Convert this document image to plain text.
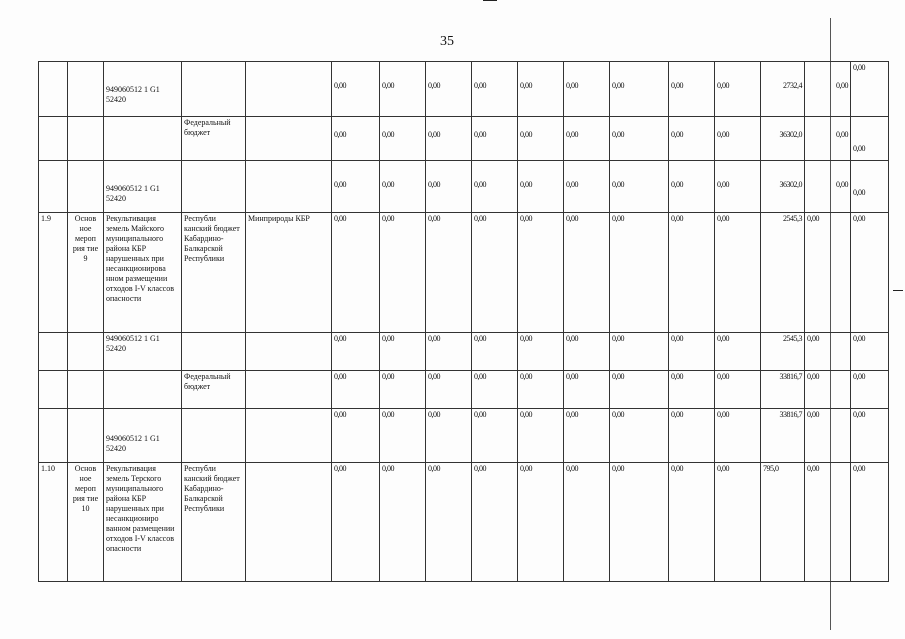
35

		949060512 1 G1 52420			0,00	0,00	0,00	0,00	0,00	0,00	0,00	0,00	0,00	2732,4	0,00	0,00
			Федеральный бюджет		0,00	0,00	0,00	0,00	0,00	0,00	0,00	0,00	0,00	36302,0	0,00	0,00

		949060512 1 G1 52420			0,00	0,00	0,00	0,00	0,00	0,00	0,00	0,00	0,00	36302,0	0,00	0,00

1.9	Основ ное мероп рия тие 9	Рекультивация земель Майского муниципального района КБР нарушенных при несанкционирова нном размещении отходов I-V классов опасности	Республи канский бюджет Кабардино-Балкарской Республики	Минприроды КБР	0,00	0,00	0,00	0,00	0,00	0,00	0,00	0,00	0,00	2545,3	0,00	0,00
		949060512 1 G1 52420			0,00	0,00	0,00	0,00	0,00	0,00	0,00	0,00	0,00	2545,3	0,00	0,00
			Федеральный бюджет		0,00	0,00	0,00	0,00	0,00	0,00	0,00	0,00	0,00	33816,7	0,00	0,00

		949060512 1 G1 52420			0,00	0,00	0,00	0,00	0,00	0,00	0,00	0,00	0,00	33816,7	0,00	0,00
1.10	Основ ное мероп рия тие 10	Рекультивация земель Терского муниципального района КБР нарушенных при несанкциониро ванном размещении отходов I-V классов опасности	Республи канский бюджет Кабардино-Балкарской Республики		0,00	0,00	0,00	0,00	0,00	0,00	0,00	0,00	0,00	795,0	0,00	0,00
